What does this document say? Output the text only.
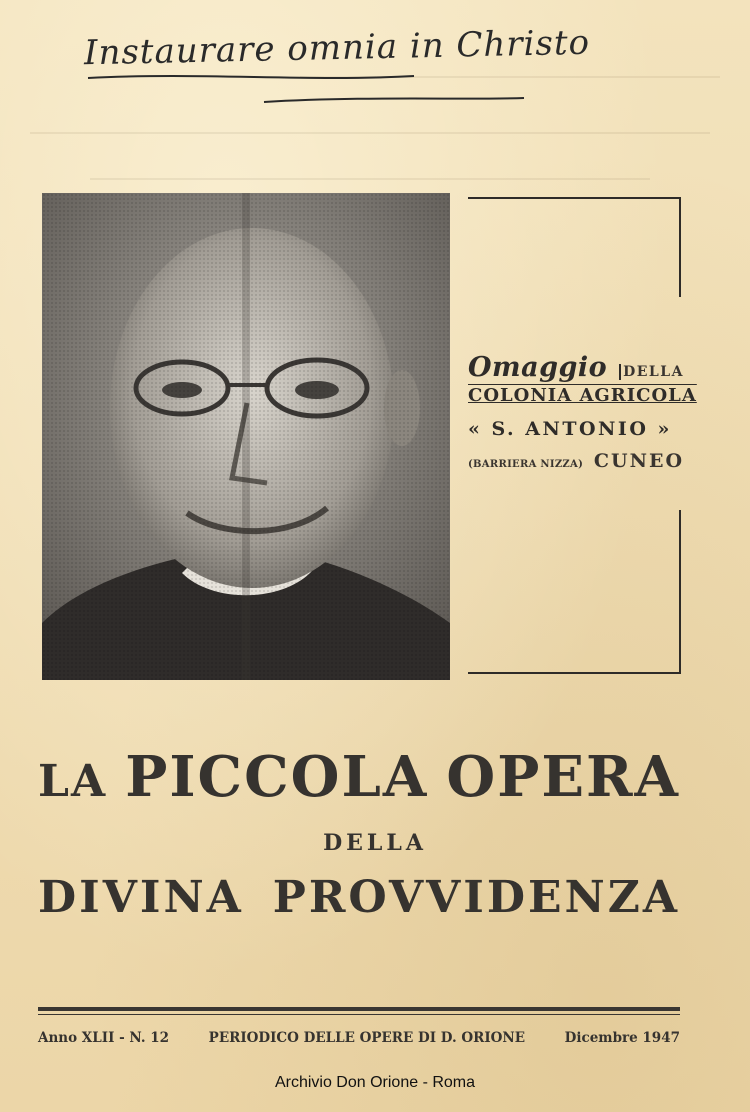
Instaurare omnia in Christo
Omaggio DELLA
COLONIA AGRICOLA
« S. ANTONIO »
(BARRIERA NIZZA) CUNEO
LA PICCOLA OPERA
DELLA
DIVINA PROVVIDENZA
Anno XLII - N. 12	PERIODICO DELLE OPERE DI D. ORIONE	Dicembre 1947
Archivio Don Orione - Roma
